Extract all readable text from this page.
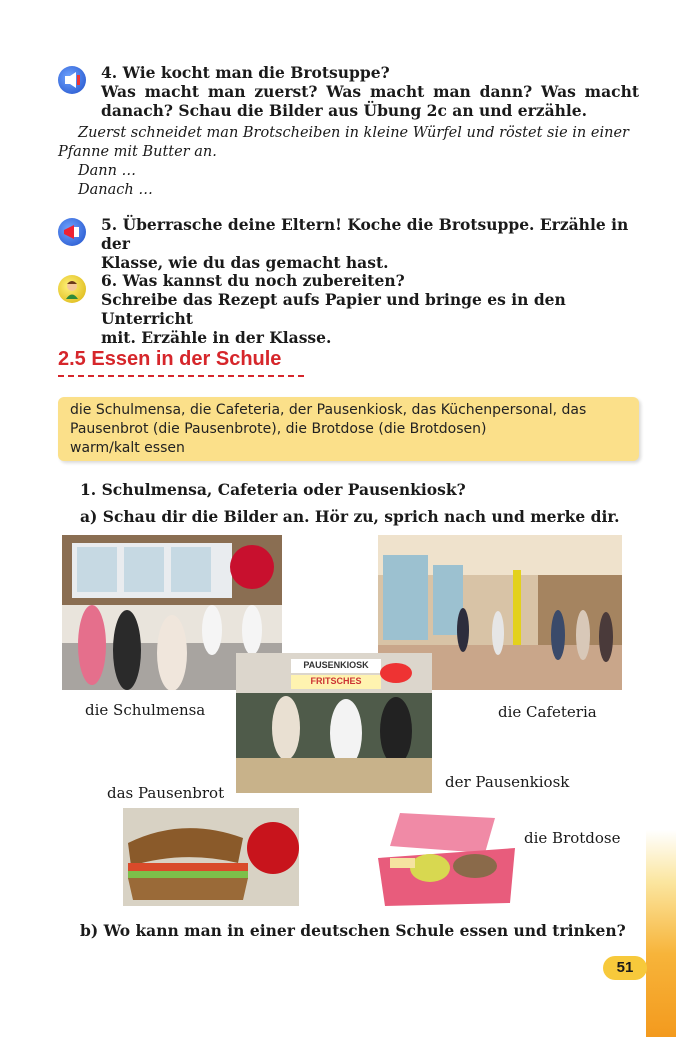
4. Wie kocht man die Brotsuppe?

Was macht man zuerst? Was macht man dann? Was macht

danach? Schau die Bilder aus Übung 2c an und erzähle.

Zuerst schneidet man Brotscheiben in kleine Würfel und röstet sie in einer

Pfanne mit Butter an.

Dann …

Danach …

5. Überrasche deine Eltern! Koche die Brotsuppe. Erzähle in der

Klasse, wie du das gemacht hast.

6. Was kannst du noch zubereiten?

Schreibe das Rezept aufs Papier und bringe es in den Unterricht

mit. Erzähle in der Klasse.

2.5 Essen in der Schule

die Schulmensa, die Cafeteria, der Pausenkiosk, das Küchenpersonal, das

Pausenbrot (die Pausenbrote), die Brotdose (die Brotdosen)

warm/kalt essen

1. Schulmensa, Cafeteria oder Pausenkiosk?
a) Schau dir die Bilder an. Hör zu, sprich nach und merke dir.
PAUSENKIOSK
FRITSCHES
die Schulmensa	die Cafeteria
der Pausenkiosk
das Pausenbrot
die Brotdose
b) Wo kann man in einer deutschen Schule essen und trinken?
51
